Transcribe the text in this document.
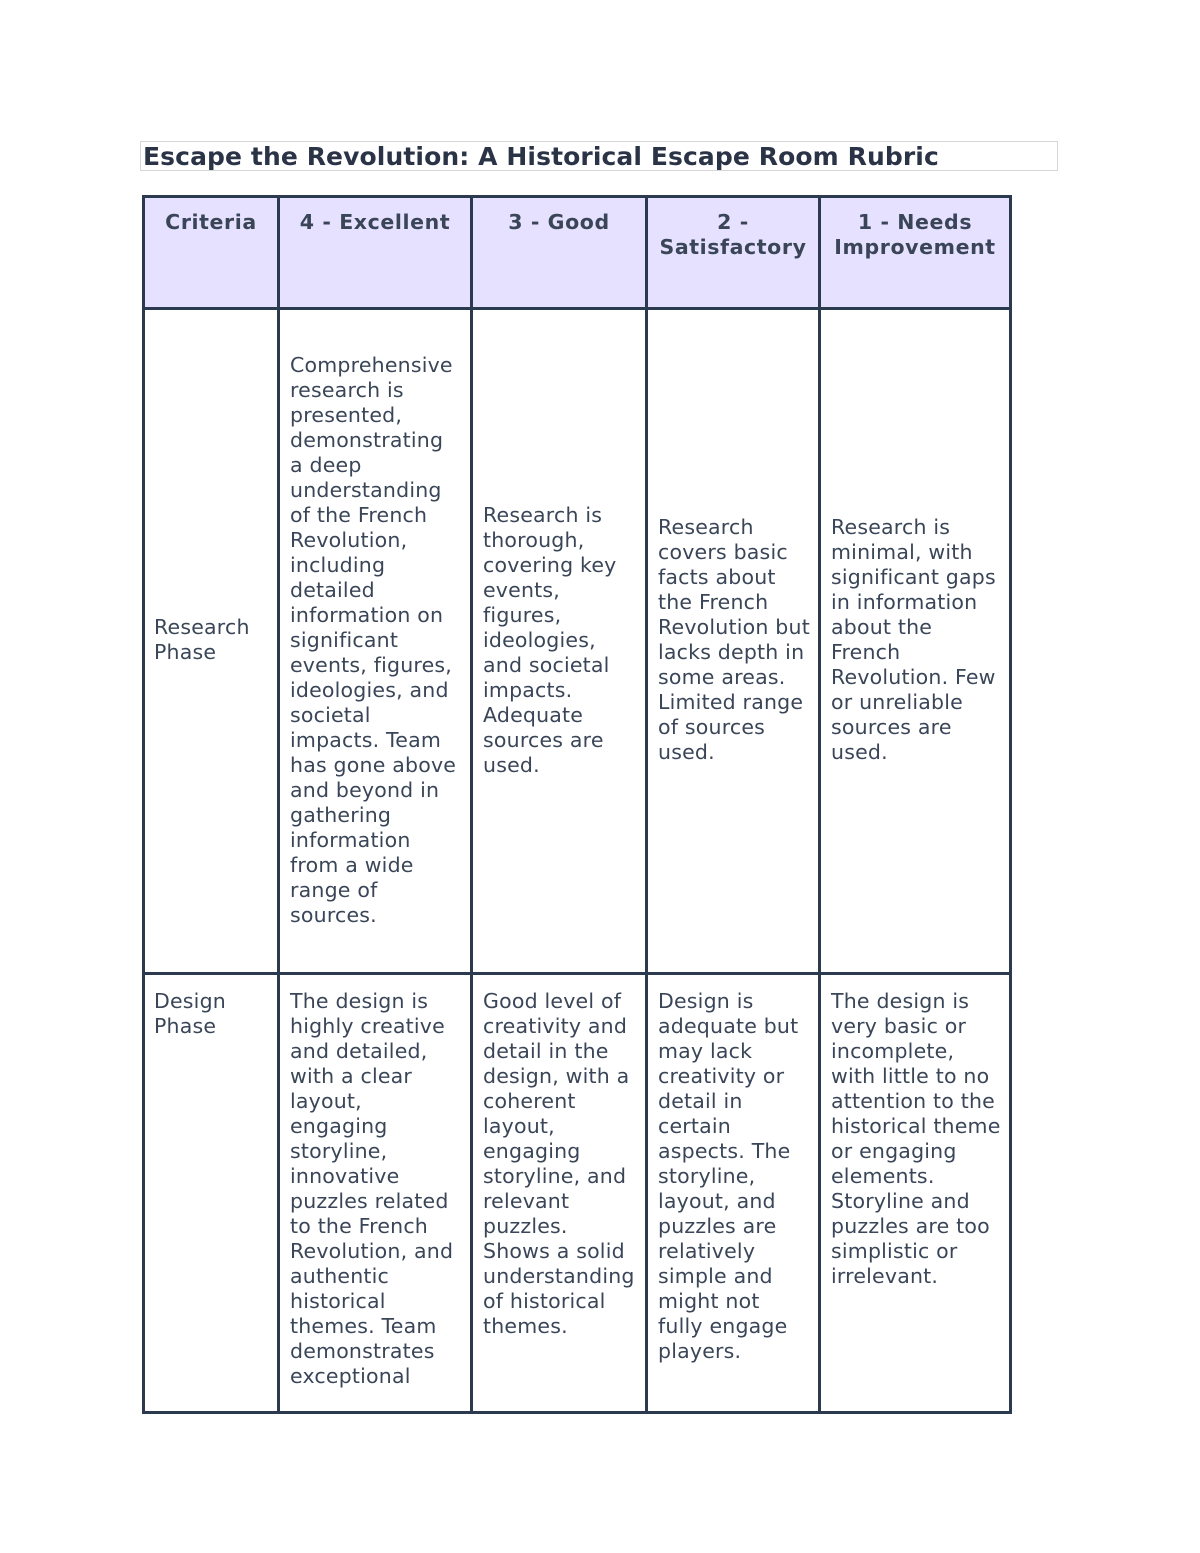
Escape the Revolution: A Historical Escape Room Rubric
Criteria	4 - Excellent	3 - Good	2 - Satisfactory	1 - Needs Improvement
Research Phase	Comprehensive research is presented, demonstrating a deep understanding of the French Revolution, including detailed information on significant events, figures, ideologies, and societal impacts. Team has gone above and beyond in gathering information from a wide range of sources.	Research is thorough, covering key events, figures, ideologies, and societal impacts. Adequate sources are used.	Research covers basic facts about the French Revolution but lacks depth in some areas. Limited range of sources used.	Research is minimal, with significant gaps in information about the French Revolution. Few or unreliable sources are used.
Design Phase	The design is highly creative and detailed, with a clear layout, engaging storyline, innovative puzzles related to the French Revolution, and authentic historical themes. Team demonstrates exceptional	Good level of creativity and detail in the design, with a coherent layout, engaging storyline, and relevant puzzles. Shows a solid understanding of historical themes.	Design is adequate but may lack creativity or detail in certain aspects. The storyline, layout, and puzzles are relatively simple and might not fully engage players.	The design is very basic or incomplete, with little to no attention to the historical theme or engaging elements. Storyline and puzzles are too simplistic or irrelevant.
